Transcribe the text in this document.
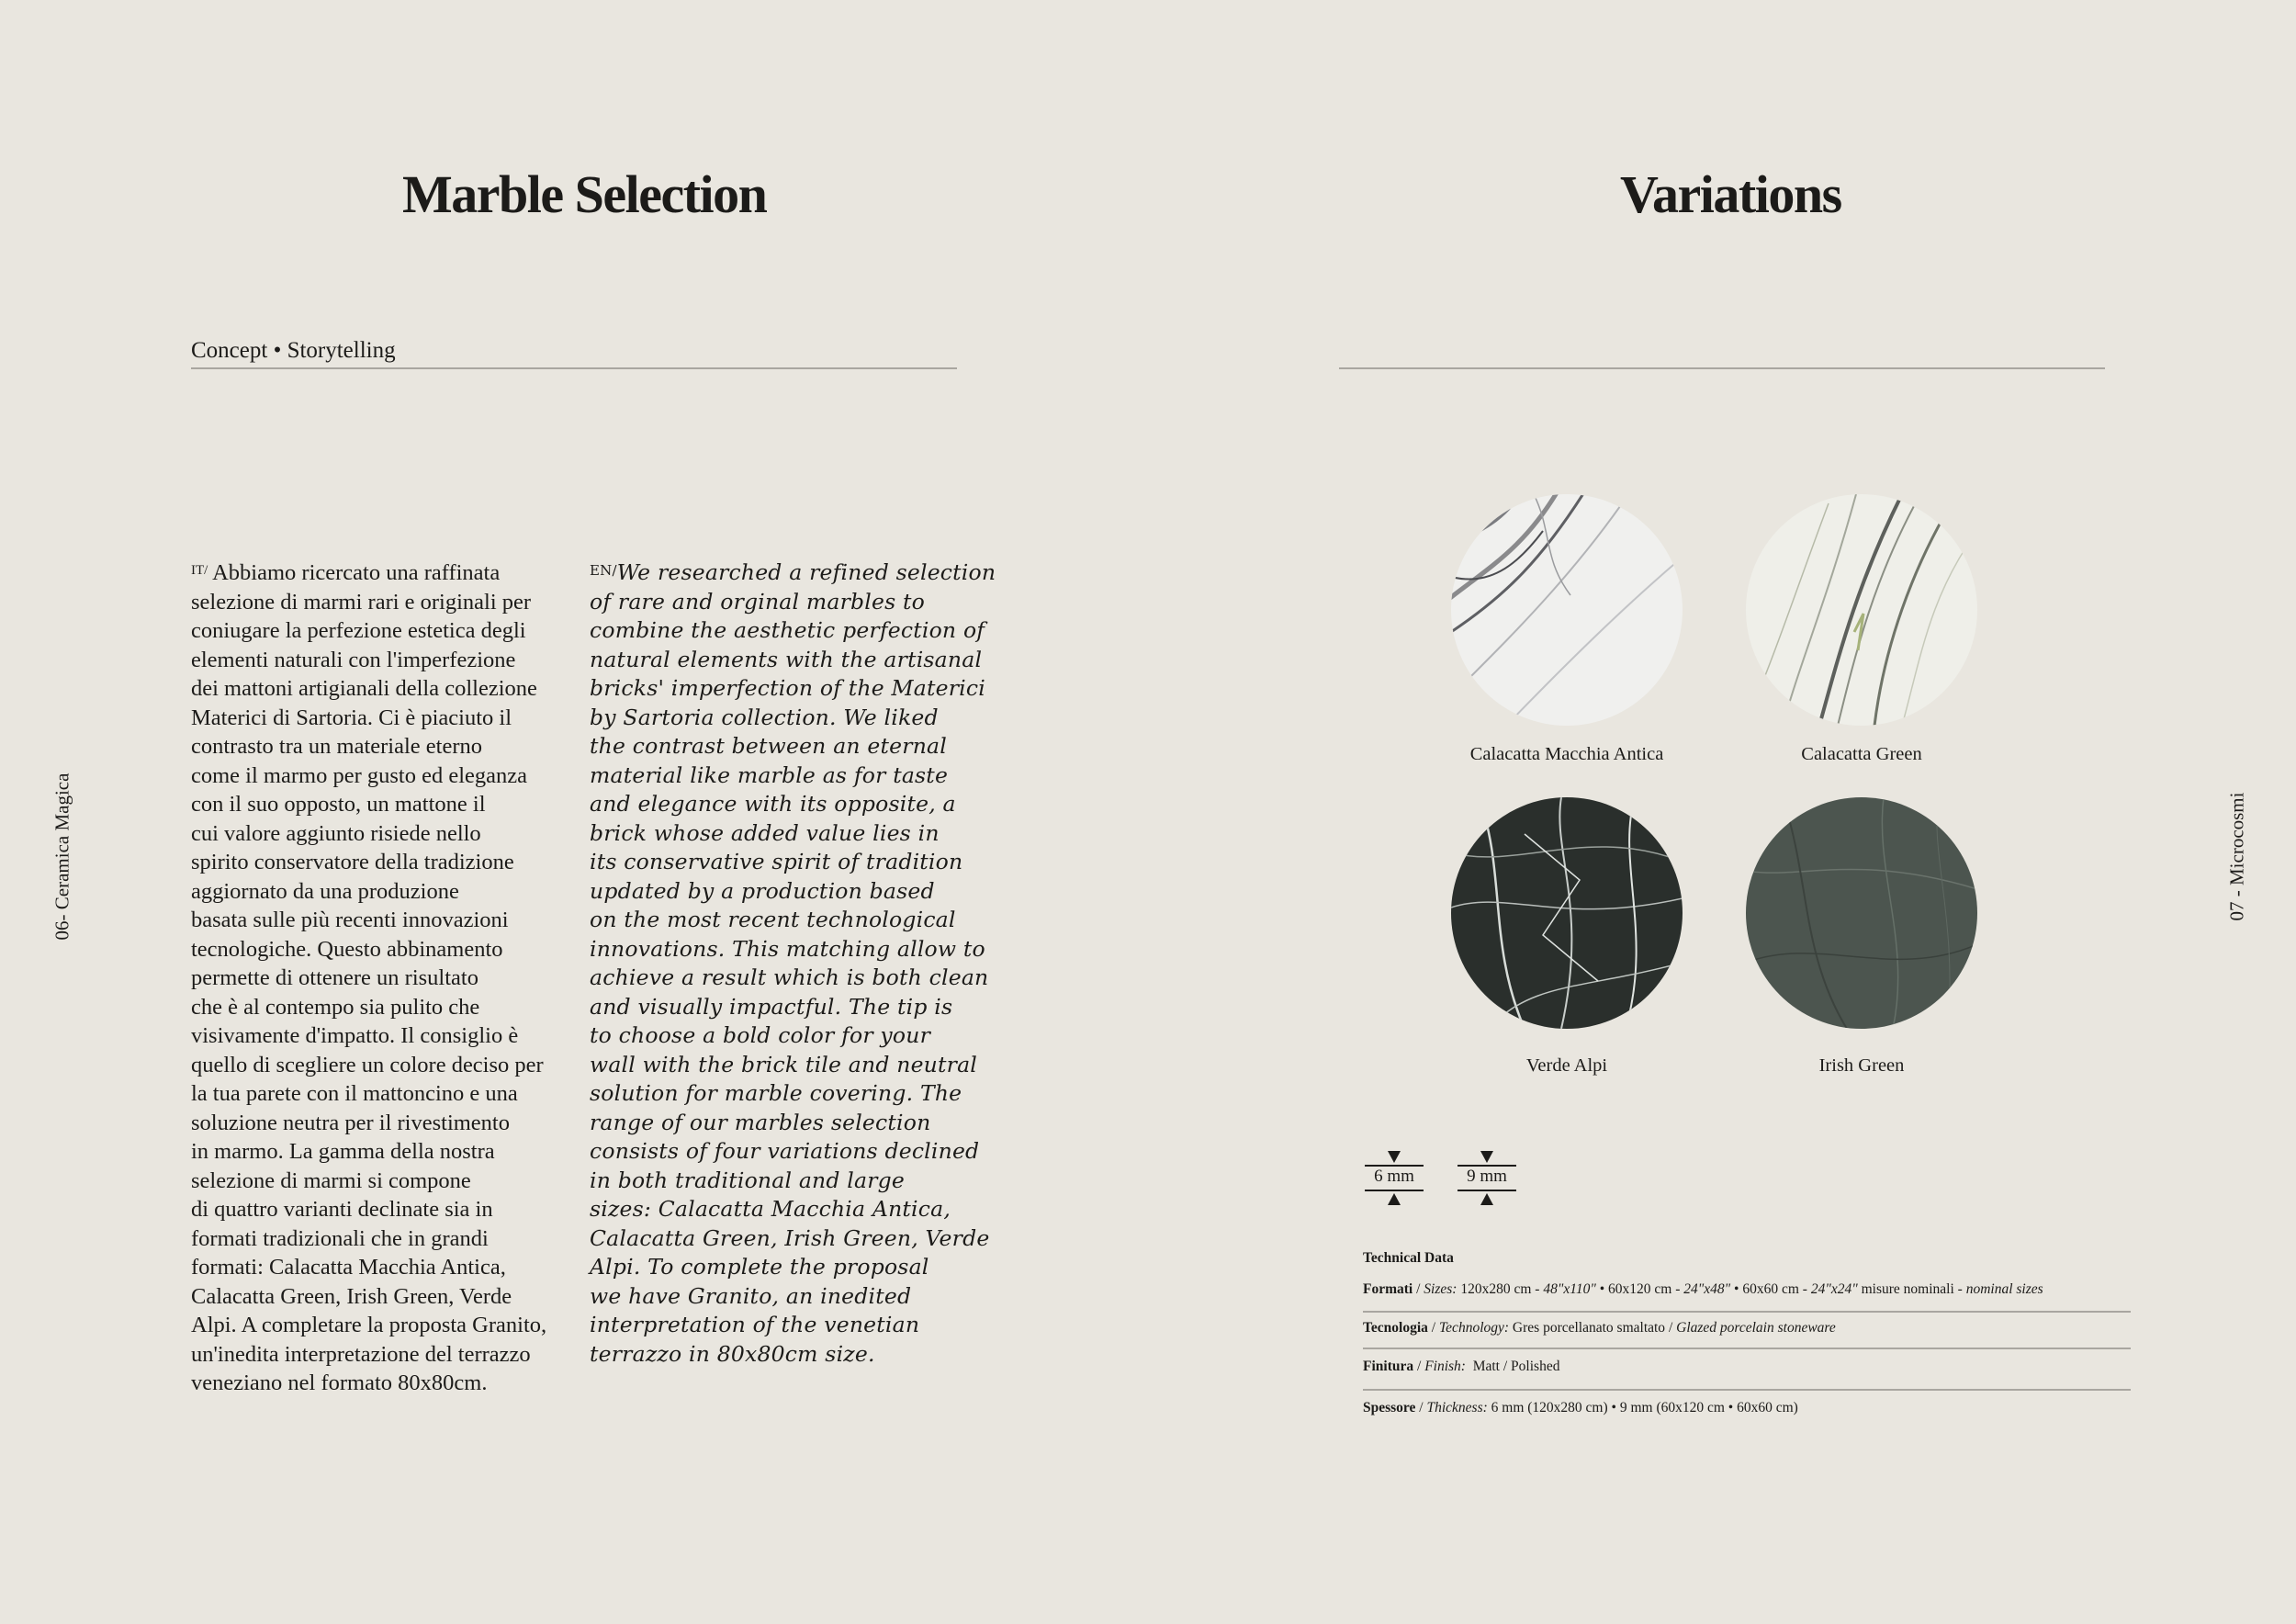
06- Ceramica Magica
Marble Selection
Concept • Storytelling
$^{IT/}$ Abbiamo ricercato una raffinata
selezione di marmi rari e originali per
coniugare la perfezione estetica degli
elementi naturali con l'imperfezione
dei mattoni artigianali della collezione
Materici di Sartoria. Ci è piaciuto il
contrasto tra un materiale eterno
come il marmo per gusto ed eleganza
con il suo opposto, un mattone il
cui valore aggiunto risiede nello
spirito conservatore della tradizione
aggiornato da una produzione
basata sulle più recenti innovazioni
tecnologiche. Questo abbinamento
permette di ottenere un risultato
che è al contempo sia pulito che
visivamente d'impatto. Il consiglio è
quello di scegliere un colore deciso per
la tua parete con il mattoncino e una
soluzione neutra per il rivestimento
in marmo. La gamma della nostra
selezione di marmi si compone
di quattro varianti declinate sia in
formati tradizionali che in grandi
formati: Calacatta Macchia Antica,
Calacatta Green, Irish Green, Verde
Alpi. A completare la proposta Granito,
un'inedita interpretazione del terrazzo
veneziano nel formato 80x80cm.
$^{EN/}$We researched a refined selection
of rare and orginal marbles to
combine the aesthetic perfection of
natural elements with the artisanal
bricks' imperfection of the Materici
by Sartoria collection. We liked
the contrast between an eternal
material like marble as for taste
and elegance with its opposite, a
brick whose added value lies in
its conservative spirit of tradition
updated by a production based
on the most recent technological
innovations. This matching allow to
achieve a result which is both clean
and visually impactful. The tip is
to choose a bold color for your
wall with the brick tile and neutral
solution for marble covering. The
range of our marbles selection
consists of four variations declined
in both traditional and large
sizes: Calacatta Macchia Antica,
Calacatta Green, Irish Green, Verde
Alpi. To complete the proposal
we have Granito, an inedited
interpretation of the venetian
terrazzo in 80x80cm size.
Variations
07 - Microcosmi
Calacatta Macchia Antica	Calacatta Green
Verde Alpi	Irish Green
6 mm	9 mm
Technical Data
Formati / Sizes: 120x280 cm - 48"x110" • 60x120 cm - 24"x48" • 60x60 cm - 24"x24" misure nominali - nominal sizes
Tecnologia / Technology: Gres porcellanato smaltato / Glazed porcelain stoneware
Finitura / Finish: Matt / Polished
Spessore / Thickness: 6 mm (120x280 cm) • 9 mm (60x120 cm • 60x60 cm)
